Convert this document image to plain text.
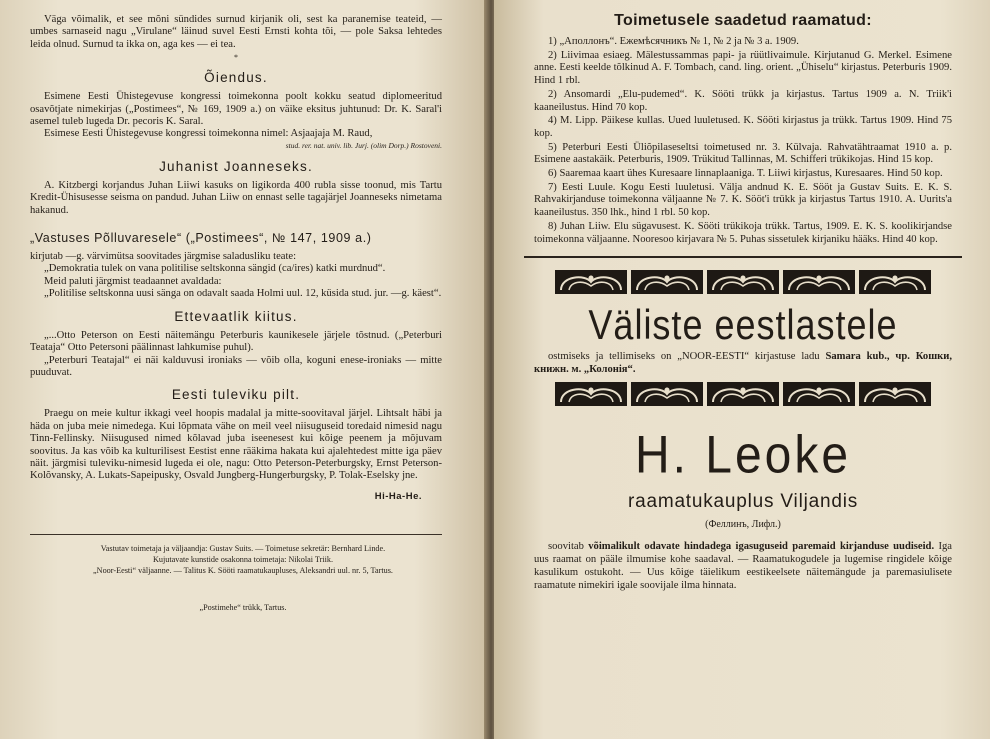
Väga võimalik, et see mõni sündides surnud kirjanik oli, sest ka paranemise teateid, — umbes sarnaseid nagu „Virulane“ läinud suvel Eesti Ernsti kohta tõi, — pole Saksa lehtedes leida olnud. Surnud ta ikka on, aga kes — ei tea.

*
Õiendus.

Esimene Eesti Ühistegevuse kongressi toimekonna poolt kokku seatud diplomeeritud osavõtjate nimekirjas („Postimees“, № 169, 1909 a.) on väike eksitus juhtunud: Dr. K. Saral'i asemel tuleb lugeda Dr. pecoris K. Saral.

Esimese Eesti Ühistegevuse kongressi toimekonna nimel: Asjaajaja M. Raud,

stud. rer. nat. univ. lib. Jurj. (olim Dorp.) Rostoveni.
Juhanist Joanneseks.

A. Kitzbergi korjandus Juhan Liiwi kasuks on ligikorda 400 rubla sisse toonud, mis Tartu Kredit-Ühisusesse seisma on pandud. Juhan Liiw on ennast selle tagajärjel Joanneseks nimetama hakanud.

„Vastuses Põlluvaresele“ („Postimees“, № 147, 1909 a.)

kirjutab —g. värvimütsa soovitades järgmise saladusliku teate:

„Demokratia tulek on vana politilise seltskonna sängid (ca/ires) katki murdnud“.

Meid paluti järgmist teadaannet avaldada:

„Politilise seltskonna uusi sänga on odavalt saada Holmi uul. 12, küsida stud. jur. —g. käest“.

Ettevaatlik kiitus.

„...Otto Peterson on Eesti näitemängu Peterburis kaunikesele järjele tõstnud. („Peterburi Teataja“ Otto Petersoni päälinnast lahkumise puhul).

„Peterburi Teatajal“ ei näi kalduvusi ironiaks — võib olla, koguni enese-ironiaks — mitte puuduvat.

Eesti tuleviku pilt.

Praegu on meie kultur ikkagi veel hoopis madalal ja mitte-soovitaval järjel. Lihtsalt häbi ja häda on juba meie nimedega. Kui lõpmata vähe on meil veel niisuguseid toredaid nimesid nagu Tinn-Fellinsky. Niisugused nimed kõlavad juba iseenesest kui kõige peenem ja mõjuvam soovitus. Ja kas võib ka kulturilisest Eestist enne rääkima hakata kui ajalehtedest mitte iga päev näit. järgmisi tuleviku-nimesid lugeda ei ole, nagu: Otto Peterson-Peterburgsky, Ernst Peterson-Kolõvansky, A. Lukats-Sapeipusky, Osvald Jungberg-Hungerburgsky, P. Tolak-Eselsky jne.

Hi-Ha-He.

Vastutav toimetaja ja väljaandja: Gustav Suits. — Toimetuse sekretär: Bernhard Linde.

Kujutavate kunstide osakonna toimetaja: Nikolai Triik.

„Noor-Eesti“ väljaanne. — Talitus K. Sööti raamatukaupluses, Aleksandri uul. nr. 5, Tartus.

„Postimehe“ trükk, Tartus.

Toimetusele saadetud raamatud:

1) „Аполлонъ“. Ежемѣсячникъ № 1, № 2 ja № 3 a. 1909.

2) Liivimaa esiaeg. Mälestussammas papi- ja rüütlivaimule. Kirjutanud G. Merkel. Esimene anne. Eesti keelde tõlkinud A. F. Tombach, cand. ling. orient. „Ühiselu“ kirjastus. Peterburis 1909. Hind 1 rbl.

2) Ansomardi „Elu-pudemed“. K. Sööti trükk ja kirjastus. Tartus 1909 a. N. Triik'i kaaneilustus. Hind 70 kop.

4) M. Lipp. Päikese kullas. Uued luuletused. K. Sööti kirjastus ja trükk. Tartus 1909. Hind 75 kop.

5) Peterburi Eesti Üliõpilaseseltsi toimetused nr. 3. Külvaja. Rahvatähtraamat 1910 a. p. Esimene aastakäik. Peterburis, 1909. Trükitud Tallinnas, M. Schifferi trükikojas. Hind 15 kop.

6) Saaremaa kaart ühes Kuresaare linnaplaaniga. T. Liiwi kirjastus, Kuresaares. Hind 50 kop.

7) Eesti Luule. Kogu Eesti luuletusi. Välja andnud K. E. Sööt ja Gustav Suits. E. K. S. Rahvakirjanduse toimekonna väljaanne № 7. K. Sööt'i trükk ja kirjastus Tartus 1910. A. Uurits'a kaaneilustus. 350 lhk., hind 1 rbl. 50 kop.

8) Juhan Liiw. Elu sügavusest. K. Sööti trükikoja trükk. Tartus, 1909. E. K. S. koolikirjandse toimekonna väljaanne. Nooresoo kirjavara № 5. Puhas sissetulek kirjaniku hääks. Hind 40 kop.

Väliste eestlastele

ostmiseks ja tellimiseks on „NOOR-EESTI“ kirjastuse ladu Samara kub., чр. Кошки, книжн. м. „Колонія“.

H. Leoke
raamatukauplus Viljandis
(Феллинъ, Лифл.)

soovitab võimalikult odavate hindadega igasuguseid paremaid kirjanduse uudiseid. Iga uus raamat on pääle ilmumise kohe saadaval. — Raamatukogudele ja lugemise ringidele kõige kasulikum ostukoht. — Uus kõige täielikum eestikeelsete näitemängude ja paremasiulisete raamatute nimekiri igale soovijale ilma hinnata.
